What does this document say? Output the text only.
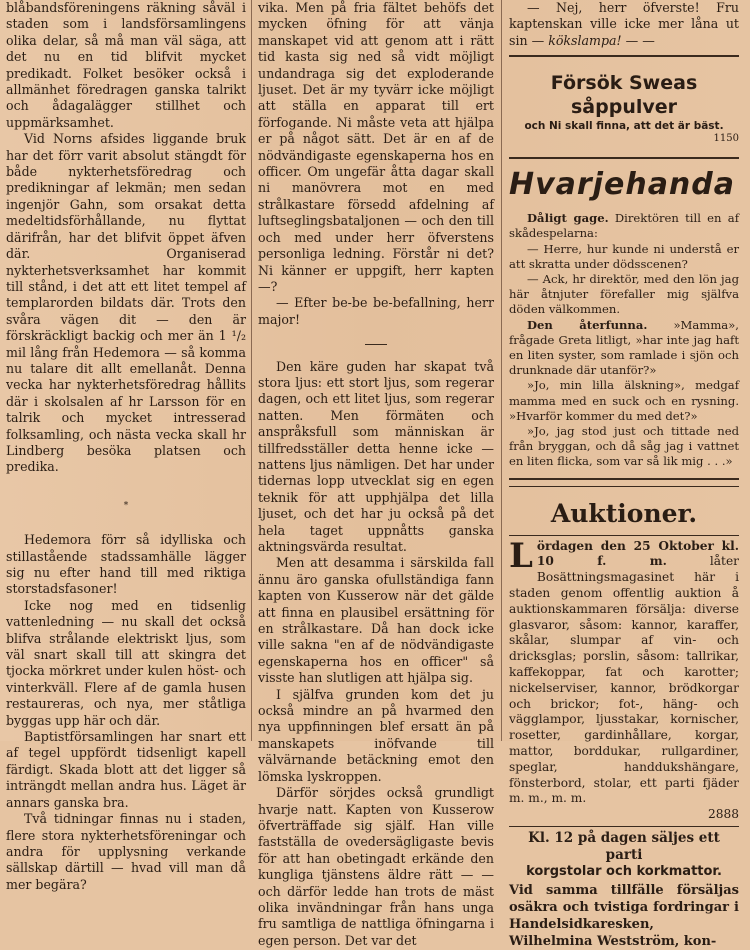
blåbandsföreningens räkning såväl i staden som i landsförsamlingens olika delar, så må man väl säga, att det nu en tid blifvit mycket predikadt. Folket besöker också i allmänhet föredragen ganska talrikt och ådagalägger stillhet och uppmärksamhet.

Vid Norns afsides liggande bruk har det förr varit absolut stängdt för både nykterhetsföredrag och predikningar af lekmän; men sedan ingenjör Gahn, som orsakat detta medeltidsförhållande, nu flyttat därifrån, har det blifvit öppet äfven där. Organiserad nykterhetsverksamhet har kommit till stånd, i det att ett litet tempel af templarorden bildats där. Trots den svåra vägen dit — den är förskräckligt backig och mer än 1 ¹/₂ mil lång från Hedemora — så komma nu talare dit allt emellanåt. Denna vecka har nykterhetsföredrag hållits där i skolsalen af hr Larsson för en talrik och mycket intresserad folksamling, och nästa vecka skall hr Lindberg besöka platsen och predika.

*

Hedemora förr så idylliska och stillastående stadssamhälle lägger sig nu efter hand till med riktiga storstadsfasoner!

Icke nog med en tidsenlig vattenledning — nu skall det också blifva strålande elektriskt ljus, som väl snart skall till att skingra det tjocka mörkret under kulen höst- och vinterkväll. Flere af de gamla husen restaureras, och nya, mer ståtliga byggas upp här och där.

Baptistförsamlingen har snart ett af tegel uppfördt tidsenligt kapell färdigt. Skada blott att det ligger så inträngdt mellan andra hus. Läget är annars ganska bra.

Två tidningar finnas nu i staden, flere stora nykterhetsföreningar och andra för upplysning verkande sällskap därtill — hvad vill man då mer begära?

vika. Men på fria fältet behöfs det mycken öfning för att vänja manskapet vid att genom att i rätt tid kasta sig ned så vidt möjligt undandraga sig det exploderande ljuset. Det är my tyvärr icke möjligt att ställa en apparat till ert förfogande. Ni måste veta att hjälpa er på något sätt. Det är en af de nödvändigaste egenskaperna hos en officer. Om ungefär åtta dagar skall ni manövrera mot en med strålkastare försedd afdelning af luftseglingsbataljonen — och den till och med under herr öfverstens personliga ledning. Förstår ni det? Ni känner er uppgift, herr kapten —?

— Efter be-be be-befallning, herr major!

Den käre guden har skapat två stora ljus: ett stort ljus, som regerar dagen, och ett litet ljus, som regerar natten. Men förmäten och anspråksfull som människan är tillfredsställer detta henne icke — nattens ljus nämligen. Det har under tidernas lopp utvecklat sig en egen teknik för att upphjälpa det lilla ljuset, och det har ju också på det hela taget uppnåtts ganska aktningsvärda resultat.

Men att desamma i särskilda fall ännu äro ganska ofullständiga fann kapten von Kusserow när det gälde att finna en plausibel ersättning för en strålkastare. Då han dock icke ville sakna "en af de nödvändigaste egenskaperna hos en officer" så visste han slutligen att hjälpa sig.

I själfva grunden kom det ju också mindre an på hvarmed den nya uppfinningen blef ersatt än på manskapets inöfvande till välvärnande betäckning emot den lömska lyskroppen.

Därför sörjdes också grundligt hvarje natt. Kapten von Kusserow öfverträffade sig själf. Han ville fastställa de ovedersägligaste bevis för att han obetingadt erkände den kungliga tjänstens äldre rätt — — och därför ledde han trots de mäst olika invändningar från hans unga fru samtliga de nattliga öfningarna i egen person. Det var det

— Nej, herr öfverste! Fru kaptenskan ville icke mer låna ut sin — kökslampa! — —

Försök Sweas såppulver
och Ni skall finna, att det är bäst.
1150
Hvarjehanda

Dåligt gage. Direktören till en af skådespelarna:

— Herre, hur kunde ni understå er att skratta under dödsscenen?

— Ack, hr direktör, med den lön jag här åtnjuter förefaller mig själfva döden välkommen.

Den återfunna. »Mamma», frågade Greta litligt, »har inte jag haft en liten syster, som ramlade i sjön och drunknade där utanför?»

»Jo, min lilla älskning», medgaf mamma med en suck och en rysning. »Hvarför kommer du med det?»

»Jo, jag stod just och tittade ned från bryggan, och då såg jag i vattnet en liten flicka, som var så lik mig . . .»

Auktioner.
Lördagen den 25 Oktober kl. 10 f. m. låter Bosättningsmagasinet här i staden genom offentlig auktion å auktionskammaren försälja: diverse glasvaror, såsom: kannor, karaffer, skålar, slumpar af vin- och dricksglas; porslin, såsom: tallrikar, kaffekoppar, fat och karotter; nickelserviser, kannor, brödkorgar och brickor; fot-, häng- och vägglampor, ljusstakar, kornischer, rosetter, gardinhållare, korgar, mattor, borddukar, rullgardiner, speglar, handdukshängare, fönsterbord, stolar, ett parti fjäder m. m., m. m.
2888
Kl. 12 på dagen säljes ett parti
korgstolar och korkmattor.
Vid samma tillfälle försäljas osäkra och tvistiga fordringar i Handelsidkaresken, Wilhelmina Westström, kon-
